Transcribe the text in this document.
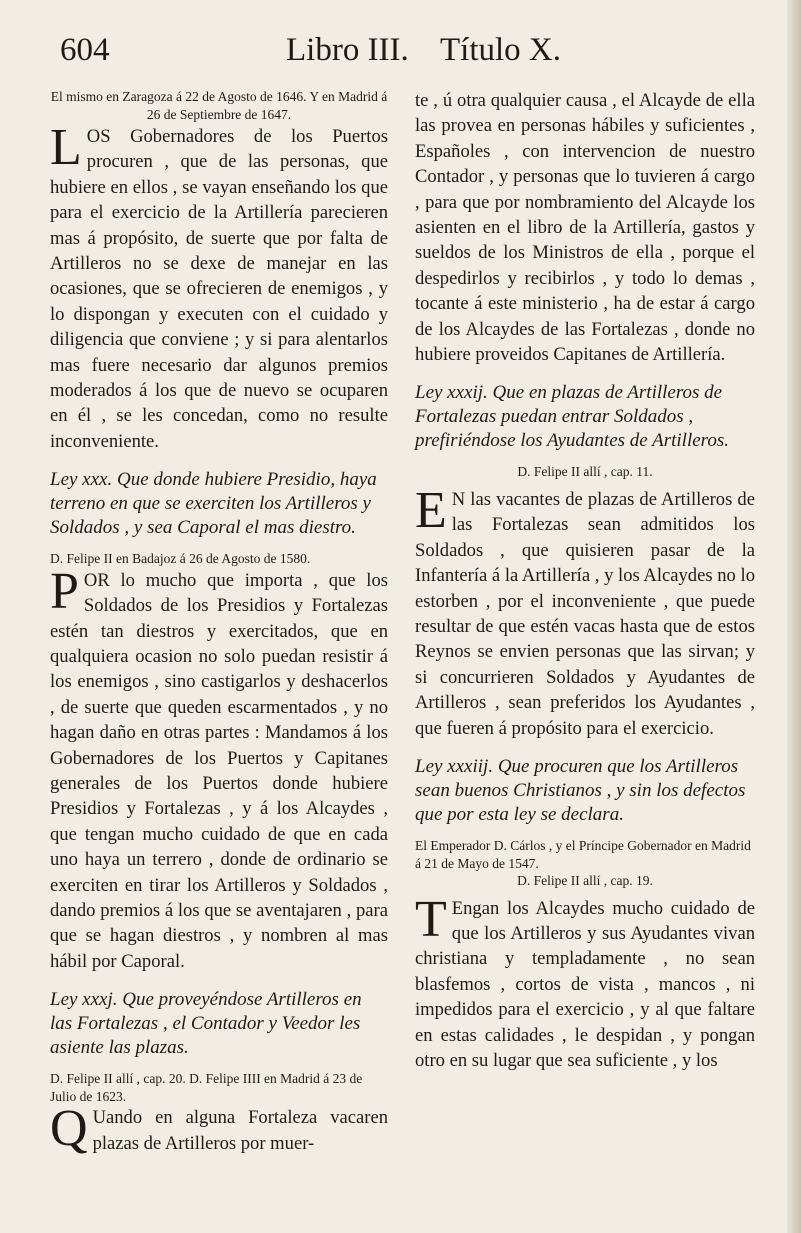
604	Libro III. Título X.

El mismo en Zaragoza á 22 de Agosto de 1646. Y en Madrid á 26 de Septiembre de 1647.

LOS Gobernadores de los Puertos procuren , que de las personas, que hubiere en ellos , se vayan enseñando los que para el exercicio de la Artillería parecieren mas á propósito, de suerte que por falta de Artilleros no se dexe de manejar en las ocasiones, que se ofrecieren de enemigos , y lo dispongan y executen con el cuidado y diligencia que conviene ; y si para alentarlos mas fuere necesario dar algunos premios moderados á los que de nuevo se ocuparen en él , se les concedan, como no resulte inconveniente.

Ley xxx. Que donde hubiere Presidio, haya terreno en que se exerciten los Artilleros y Soldados , y sea Caporal el mas diestro.

D. Felipe II en Badajoz á 26 de Agosto de 1580.

POR lo mucho que importa , que los Soldados de los Presidios y Fortalezas estén tan diestros y exercitados, que en qualquiera ocasion no solo puedan resistir á los enemigos , sino castigarlos y deshacerlos , de suerte que queden escarmentados , y no hagan daño en otras partes : Mandamos á los Gobernadores de los Puertos y Capitanes generales de los Puertos donde hubiere Presidios y Fortalezas , y á los Alcaydes , que tengan mucho cuidado de que en cada uno haya un terrero , donde de ordinario se exerciten en tirar los Artilleros y Soldados , dando premios á los que se aventajaren , para que se hagan diestros , y nombren al mas hábil por Caporal.

Ley xxxj. Que proveyéndose Artilleros en las Fortalezas , el Contador y Veedor les asiente las plazas.

D. Felipe II allí , cap. 20. D. Felipe IIII en Madrid á 23 de Julio de 1623.

Q Uando en alguna Fortaleza vacaren plazas de Artilleros por muer-

te , ú otra qualquier causa , el Alcayde de ella las provea en personas hábiles y suficientes , Españoles , con intervencion de nuestro Contador , y personas que lo tuvieren á cargo , para que por nombramiento del Alcayde los asienten en el libro de la Artillería, gastos y sueldos de los Ministros de ella , porque el despedirlos y recibirlos , y todo lo demas , tocante á este ministerio , ha de estar á cargo de los Alcaydes de las Fortalezas , donde no hubiere proveidos Capitanes de Artillería.

Ley xxxij. Que en plazas de Artilleros de Fortalezas puedan entrar Soldados , prefiriéndose los Ayudantes de Artilleros.

D. Felipe II allí , cap. 11.

E N las vacantes de plazas de Artilleros de las Fortalezas sean admitidos los Soldados , que quisieren pasar de la Infantería á la Artillería , y los Alcaydes no lo estorben , por el inconveniente , que puede resultar de que estén vacas hasta que de estos Reynos se envien personas que las sirvan; y si concurrieren Soldados y Ayudantes de Artilleros , sean preferidos los Ayudantes , que fueren á propósito para el exercicio.

Ley xxxiij. Que procuren que los Artilleros sean buenos Christianos , y sin los defectos que por esta ley se declara.

El Emperador D. Cárlos , y el Príncipe Gobernador en Madrid á 21 de Mayo de 1547.

D. Felipe II allí , cap. 19.

T Engan los Alcaydes mucho cuidado de que los Artilleros y sus Ayudantes vivan christiana y templadamente , no sean blasfemos , cortos de vista , mancos , ni impedidos para el exercicio , y al que faltare en estas calidades , le despidan , y pongan otro en su lugar que sea suficiente , y los
